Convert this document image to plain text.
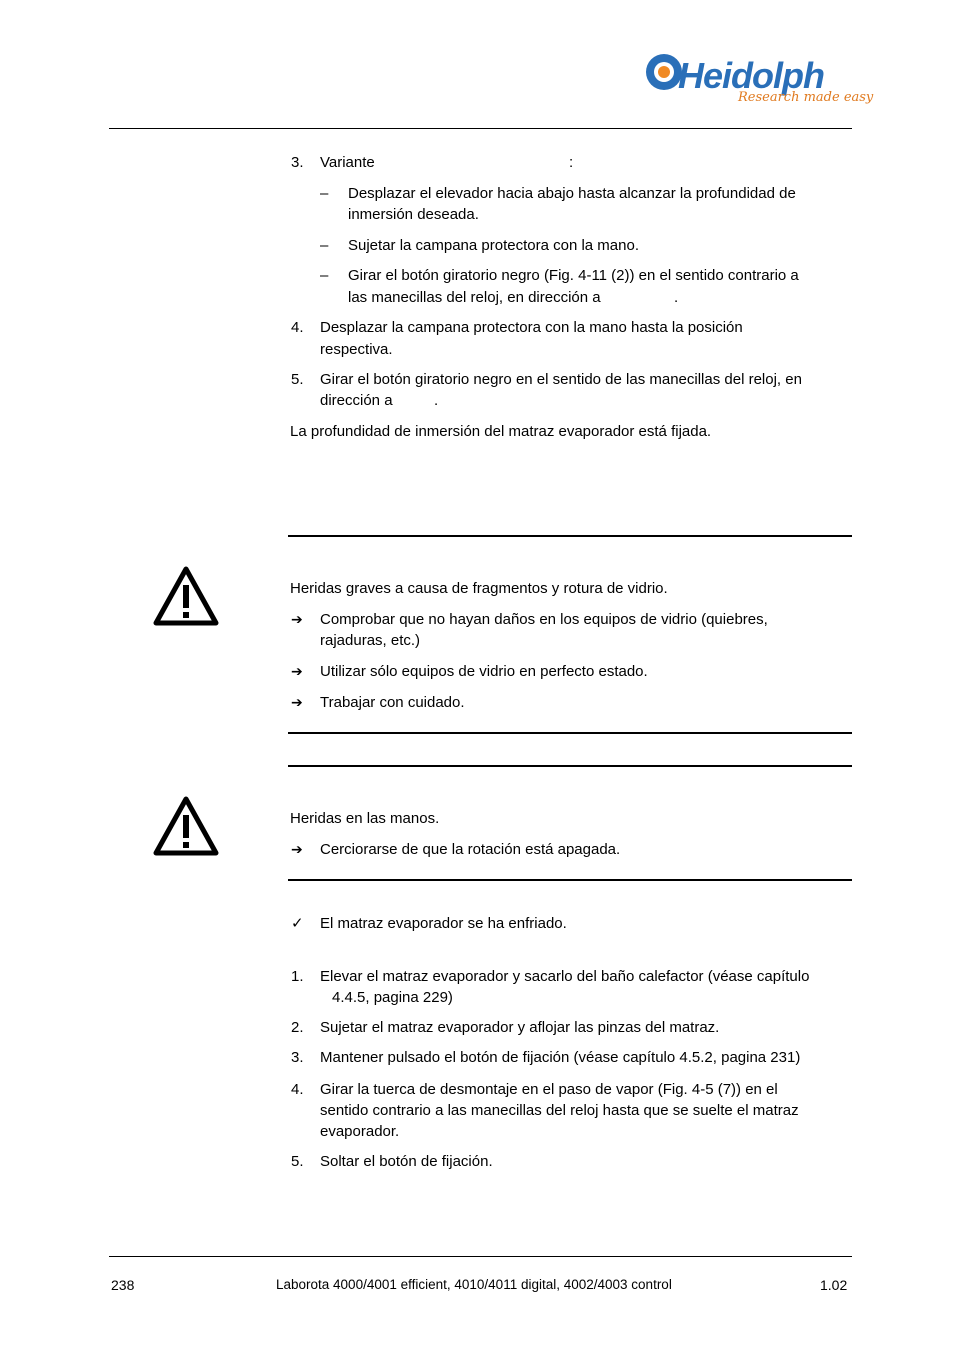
Heidolph
Research made easy
3. Variante	:
– Desplazar el elevador hacia abajo hasta alcanzar la profundidad de
inmersión deseada.
– Sujetar la campana protectora con la mano.
– Girar el botón giratorio negro (Fig. 4-11 (2)) en el sentido contrario a
las manecillas del reloj, en dirección a	.
4. Desplazar la campana protectora con la mano hasta la posición
respectiva.
5. Girar el botón giratorio negro en el sentido de las manecillas del reloj, en
dirección a	.
La profundidad de inmersión del matraz evaporador está fijada.
Heridas graves a causa de fragmentos y rotura de vidrio.
➔ Comprobar que no hayan daños en los equipos de vidrio (quiebres,
rajaduras, etc.)
➔ Utilizar sólo equipos de vidrio en perfecto estado.
➔ Trabajar con cuidado.
Heridas en las manos.
➔ Cerciorarse de que la rotación está apagada.
✓ El matraz evaporador se ha enfriado.
1. Elevar el matraz evaporador y sacarlo del baño calefactor (véase capítulo
4.4.5, pagina 229)
2. Sujetar el matraz evaporador y aflojar las pinzas del matraz.
3. Mantener pulsado el botón de fijación (véase capítulo 4.5.2, pagina 231)
4. Girar la tuerca de desmontaje en el paso de vapor (Fig. 4-5 (7)) en el
sentido contrario a las manecillas del reloj hasta que se suelte el matraz
evaporador.
5. Soltar el botón de fijación.
238	Laborota 4000/4001 efficient, 4010/4011 digital, 4002/4003 control	1.02
